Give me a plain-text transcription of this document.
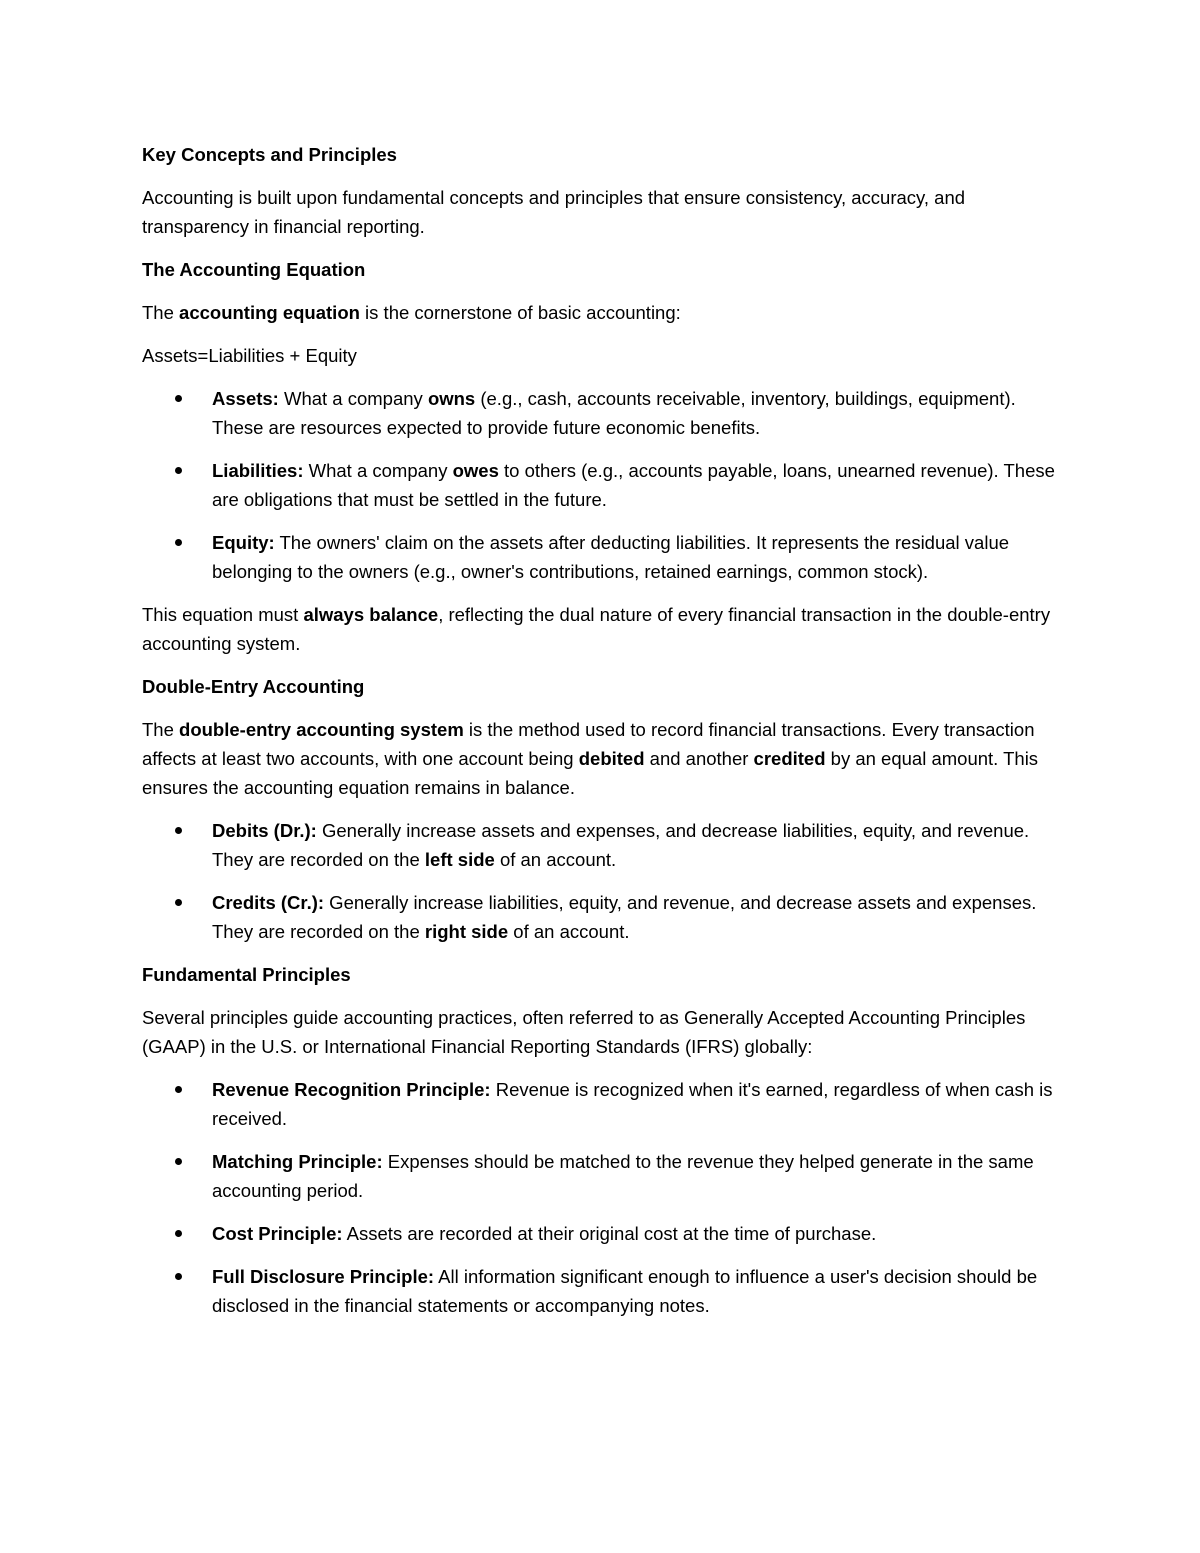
Key Concepts and Principles

Accounting is built upon fundamental concepts and principles that ensure consistency, accuracy, and transparency in financial reporting.

The Accounting Equation

The accounting equation is the cornerstone of basic accounting:

Assets=Liabilities + Equity

Assets: What a company owns (e.g., cash, accounts receivable, inventory, buildings, equipment). These are resources expected to provide future economic benefits.
Liabilities: What a company owes to others (e.g., accounts payable, loans, unearned revenue). These are obligations that must be settled in the future.
Equity: The owners' claim on the assets after deducting liabilities. It represents the residual value belonging to the owners (e.g., owner's contributions, retained earnings, common stock).

This equation must always balance, reflecting the dual nature of every financial transaction in the double-entry accounting system.

Double-Entry Accounting

The double-entry accounting system is the method used to record financial transactions. Every transaction affects at least two accounts, with one account being debited and another credited by an equal amount. This ensures the accounting equation remains in balance.

Debits (Dr.): Generally increase assets and expenses, and decrease liabilities, equity, and revenue. They are recorded on the left side of an account.
Credits (Cr.): Generally increase liabilities, equity, and revenue, and decrease assets and expenses. They are recorded on the right side of an account.
Fundamental Principles

Several principles guide accounting practices, often referred to as Generally Accepted Accounting Principles (GAAP) in the U.S. or International Financial Reporting Standards (IFRS) globally:

Revenue Recognition Principle: Revenue is recognized when it's earned, regardless of when cash is received.
Matching Principle: Expenses should be matched to the revenue they helped generate in the same accounting period.
Cost Principle: Assets are recorded at their original cost at the time of purchase.
Full Disclosure Principle: All information significant enough to influence a user's decision should be disclosed in the financial statements or accompanying notes.
